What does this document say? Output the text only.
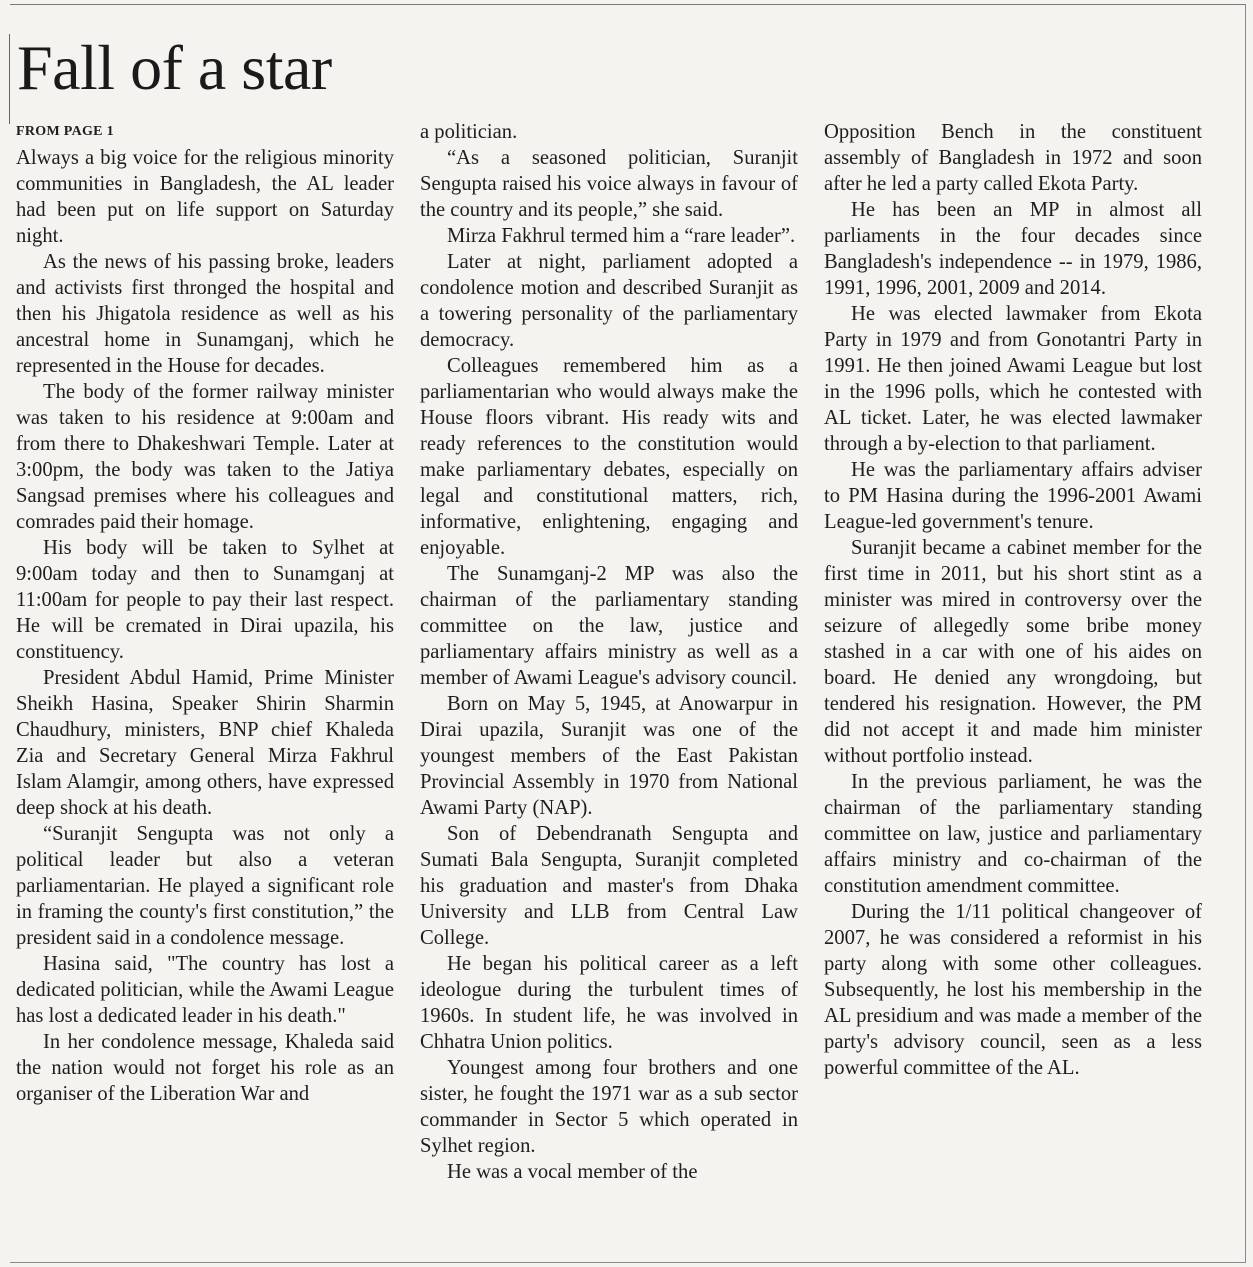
Fall of a star
FROM PAGE 1

Always a big voice for the religious minority communities in Bangladesh, the AL leader had been put on life support on Saturday night.

As the news of his passing broke, leaders and activists first thronged the hospital and then his Jhigatola residence as well as his ancestral home in Sunamganj, which he represented in the House for decades.

The body of the former railway minister was taken to his residence at 9:00am and from there to Dhakeshwari Temple. Later at 3:00pm, the body was taken to the Jatiya Sangsad premises where his colleagues and comrades paid their homage.

His body will be taken to Sylhet at 9:00am today and then to Sunamganj at 11:00am for people to pay their last respect. He will be cremated in Dirai upazila, his constituency.

President Abdul Hamid, Prime Minister Sheikh Hasina, Speaker Shirin Sharmin Chaudhury, ministers, BNP chief Khaleda Zia and Secretary General Mirza Fakhrul Islam Alamgir, among others, have expressed deep shock at his death.

“Suranjit Sengupta was not only a political leader but also a veteran parliamentarian. He played a significant role in framing the county's first constitution,” the president said in a condolence message.

Hasina said, "The country has lost a dedicated politician, while the Awami League has lost a dedicated leader in his death."

In her condolence message, Khaleda said the nation would not forget his role as an organiser of the Liberation War and

a politician.

“As a seasoned politician, Suranjit Sengupta raised his voice always in favour of the country and its people,” she said.

Mirza Fakhrul termed him a “rare leader”.

Later at night, parliament adopted a condolence motion and described Suranjit as a towering personality of the parliamentary democracy.

Colleagues remembered him as a parliamentarian who would always make the House floors vibrant. His ready wits and ready references to the constitution would make parliamentary debates, especially on legal and constitutional matters, rich, informative, enlightening, engaging and enjoyable.

The Sunamganj-2 MP was also the chairman of the parliamentary standing committee on the law, justice and parliamentary affairs ministry as well as a member of Awami League's advisory council.

Born on May 5, 1945, at Anowarpur in Dirai upazila, Suranjit was one of the youngest members of the East Pakistan Provincial Assembly in 1970 from National Awami Party (NAP).

Son of Debendranath Sengupta and Sumati Bala Sengupta, Suranjit completed his graduation and master's from Dhaka University and LLB from Central Law College.

He began his political career as a left ideologue during the turbulent times of 1960s. In student life, he was involved in Chhatra Union politics.

Youngest among four brothers and one sister, he fought the 1971 war as a sub sector commander in Sector 5 which operated in Sylhet region.

He was a vocal member of the

Opposition Bench in the constituent assembly of Bangladesh in 1972 and soon after he led a party called Ekota Party.

He has been an MP in almost all parliaments in the four decades since Bangladesh's independence -- in 1979, 1986, 1991, 1996, 2001, 2009 and 2014.

He was elected lawmaker from Ekota Party in 1979 and from Gonotantri Party in 1991. He then joined Awami League but lost in the 1996 polls, which he contested with AL ticket. Later, he was elected lawmaker through a by-election to that parliament.

He was the parliamentary affairs adviser to PM Hasina during the 1996-2001 Awami League-led government's tenure.

Suranjit became a cabinet member for the first time in 2011, but his short stint as a minister was mired in controversy over the seizure of allegedly some bribe money stashed in a car with one of his aides on board. He denied any wrongdoing, but tendered his resignation. However, the PM did not accept it and made him minister without portfolio instead.

In the previous parliament, he was the chairman of the parliamentary standing committee on law, justice and parliamentary affairs ministry and co-chairman of the constitution amendment committee.

During the 1/11 political changeover of 2007, he was considered a reformist in his party along with some other colleagues. Subsequently, he lost his membership in the AL presidium and was made a member of the party's advisory council, seen as a less powerful committee of the AL.
